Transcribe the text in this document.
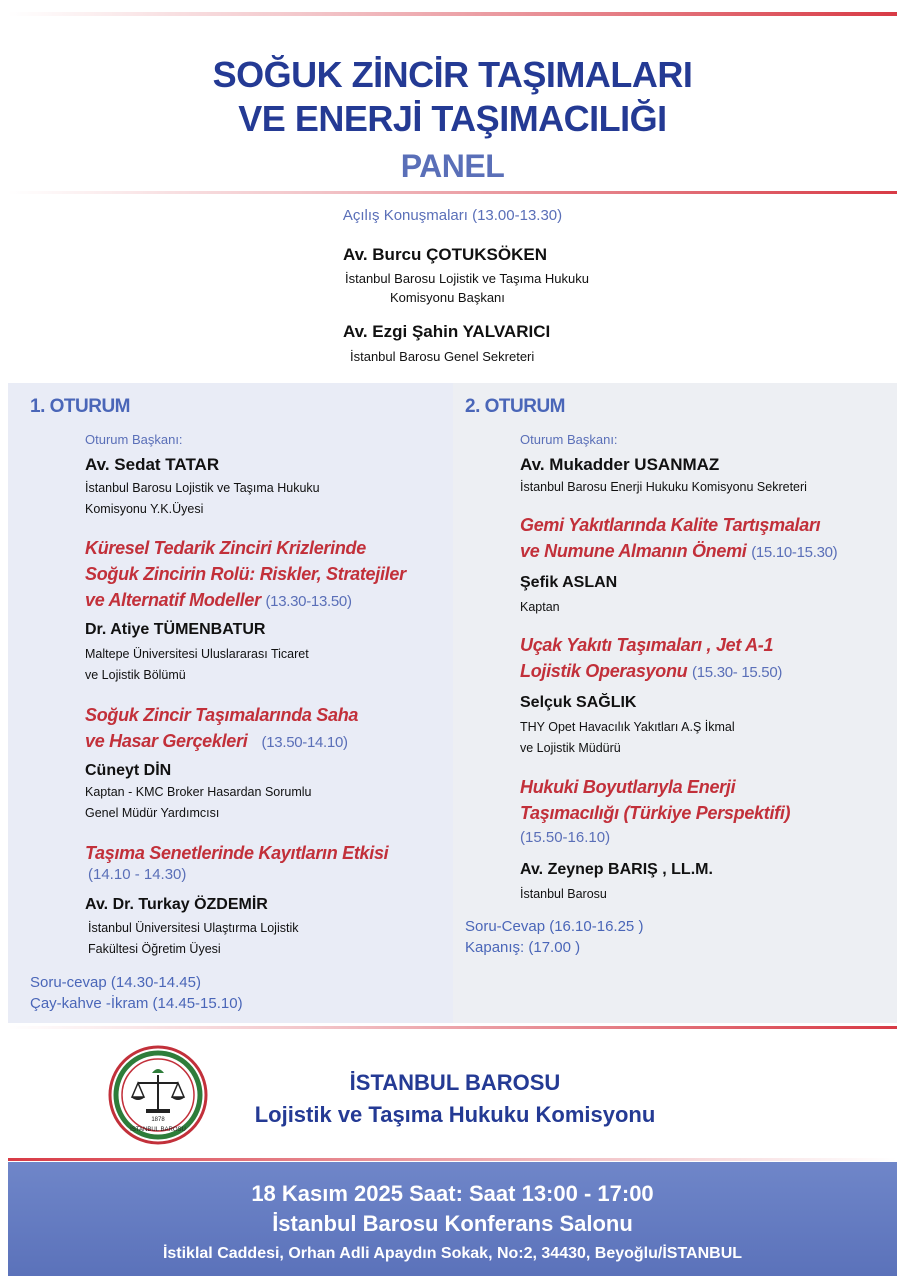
SOĞUK ZİNCİR TAŞIMALARI
VE ENERJİ TAŞIMACILIĞI
PANEL
Açılış Konuşmaları (13.00-13.30)
Av. Burcu ÇOTUKSÖKEN
İstanbul Barosu Lojistik ve Taşıma Hukuku
Komisyonu Başkanı
Av. Ezgi Şahin YALVARICI
İstanbul Barosu Genel Sekreteri
1. OTURUM
Oturum Başkanı:
Av. Sedat TATAR
İstanbul Barosu Lojistik ve Taşıma Hukuku
Komisyonu Y.K.Üyesi
Küresel Tedarik Zinciri Krizlerinde
Soğuk Zincirin Rolü: Riskler, Stratejiler
ve Alternatif Modeller (13.30-13.50)
Dr. Atiye TÜMENBATUR
Maltepe Üniversitesi Uluslararası Ticaret
ve Lojistik Bölümü
Soğuk Zincir Taşımalarında Saha
ve Hasar Gerçekleri (13.50-14.10)
Cüneyt DİN
Kaptan - KMC Broker Hasardan Sorumlu
Genel Müdür Yardımcısı
Taşıma Senetlerinde Kayıtların Etkisi
(14.10 - 14.30)
Av. Dr. Turkay ÖZDEMİR
İstanbul Üniversitesi Ulaştırma Lojistik
Fakültesi Öğretim Üyesi
Soru-cevap (14.30-14.45)
Çay-kahve -İkram (14.45-15.10)
2. OTURUM
Oturum Başkanı:
Av. Mukadder USANMAZ
İstanbul Barosu Enerji Hukuku Komisyonu Sekreteri
Gemi Yakıtlarında Kalite Tartışmaları
ve Numune Almanın Önemi (15.10-15.30)
Şefik ASLAN
Kaptan
Uçak Yakıtı Taşımaları , Jet A-1
Lojistik Operasyonu (15.30- 15.50)
Selçuk SAĞLIK
THY Opet Havacılık Yakıtları A.Ş İkmal
ve Lojistik Müdürü
Hukuki Boyutlarıyla Enerji
Taşımacılığı (Türkiye Perspektifi)
(15.50-16.10)
Av. Zeynep BARIŞ , LL.M.
İstanbul Barosu
Soru-Cevap (16.10-16.25 )
Kapanış: (17.00 )
1878
İSTANBUL BAROSU
İSTANBUL BAROSU
Lojistik ve Taşıma Hukuku Komisyonu
18 Kasım 2025 Saat: Saat 13:00 - 17:00
İstanbul Barosu Konferans Salonu
İstiklal Caddesi, Orhan Adli Apaydın Sokak, No:2, 34430, Beyoğlu/İSTANBUL
